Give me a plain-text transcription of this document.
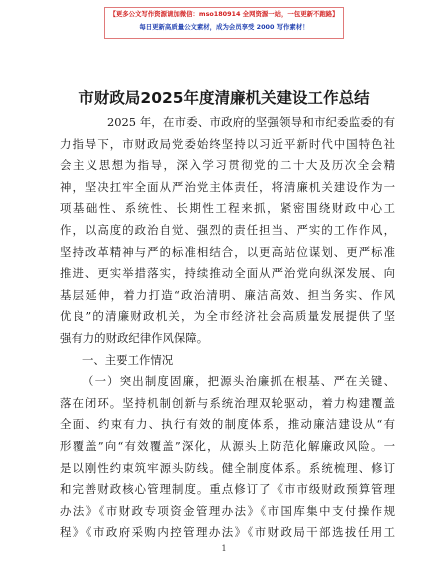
【更多公文写作资源请加微信：mso180914 全网资源一站，一包更新不跑路】
每日更新高质量公文素材，成为会员享受 2000 写作素材！
市财政局2025年度清廉机关建设工作总结
2025 年，在市委、市政府的坚强领导和市纪委监委的有
力指导下，市财政局党委始终坚持以习近平新时代中国特色社
会主义思想为指导，深入学习贯彻党的二十大及历次全会精
神，坚决扛牢全面从严治党主体责任，将清廉机关建设作为一
项基础性、系统性、长期性工程来抓，紧密围绕财政中心工
作，以高度的政治自觉、强烈的责任担当、严实的工作作风，
坚持改革精神与严的标准相结合，以更高站位谋划、更严标准
推进、更实举措落实，持续推动全面从严治党向纵深发展、向
基层延伸，着力打造“政治清明、廉洁高效、担当务实、作风
优良”的清廉财政机关，为全市经济社会高质量发展提供了坚
强有力的财政纪律作风保障。
一、主要工作情况
（一）突出制度固廉，把源头治廉抓在根基、严在关键、
落在闭环。坚持机制创新与系统治理双轮驱动，着力构建覆盖
全面、约束有力、执行有效的制度体系，推动廉洁建设从“有
形覆盖”向“有效覆盖”深化，从源头上防范化解廉政风险。一
是以刚性约束筑牢源头防线。健全制度体系。系统梳理、修订
和完善财政核心管理制度。重点修订了《市市级财政预算管理
办法》《市财政专项资金管理办法》《市国库集中支付操作规
程》《市政府采购内控管理办法》《市财政局干部选拔任用工
1
